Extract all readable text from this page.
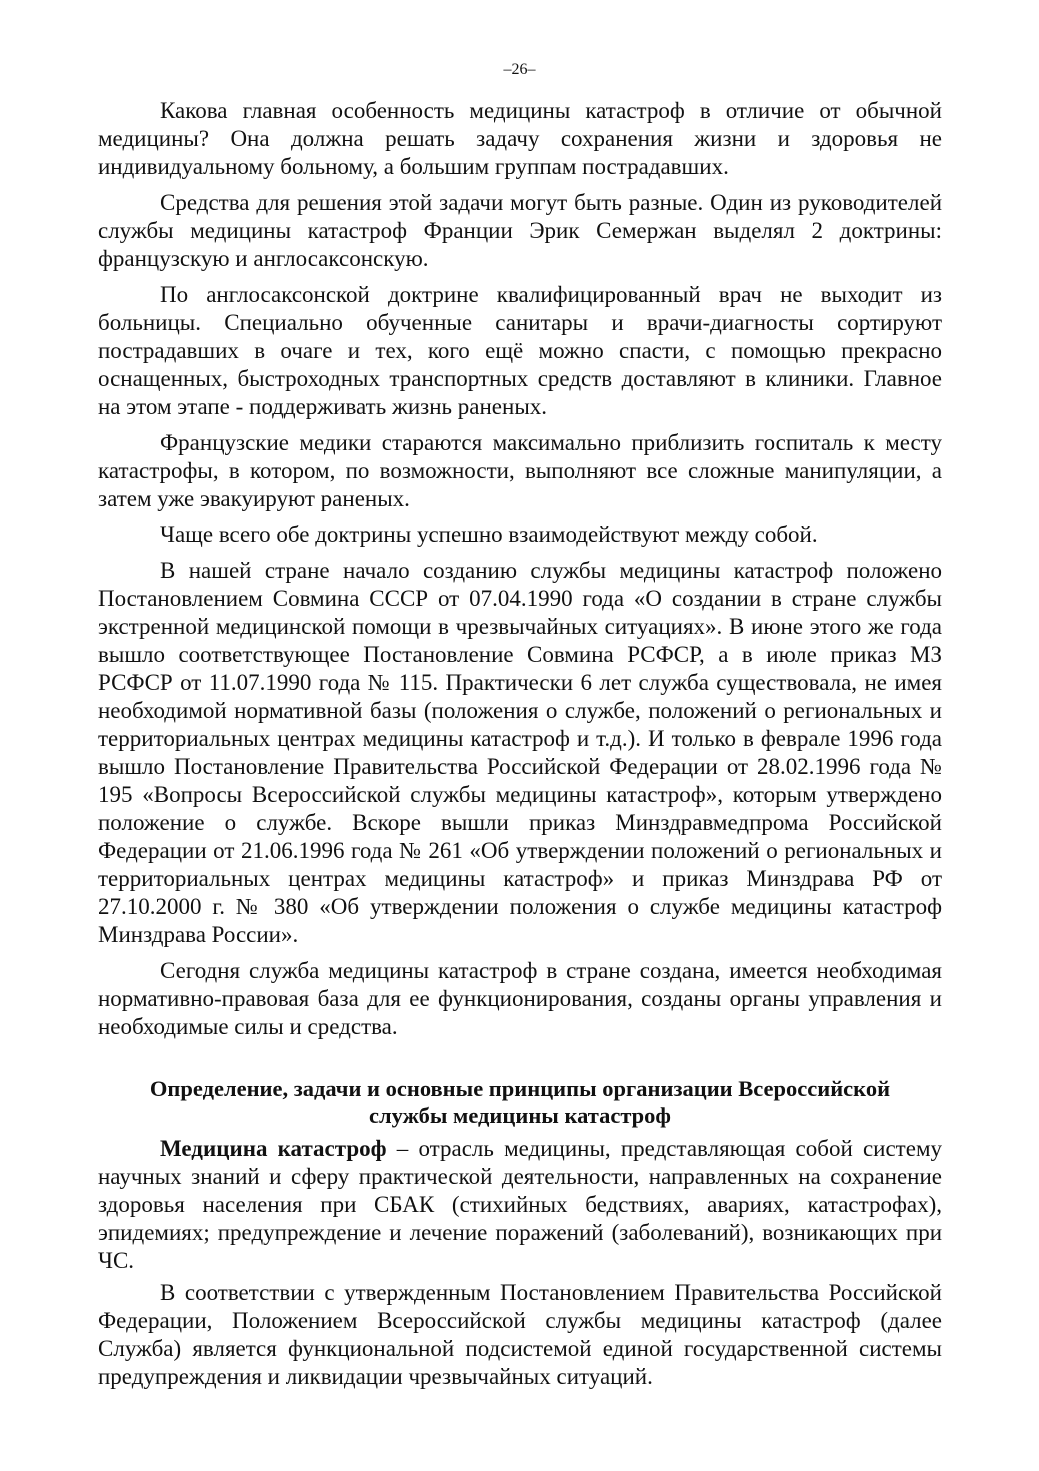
–26–

Какова главная особенность медицины катастроф в отличие от обычной медицины? Она должна решать задачу сохранения жизни и здоровья не индивидуальному больному, а большим группам пострадавших.

Средства для решения этой задачи могут быть разные. Один из руководителей службы медицины катастроф Франции Эрик Семержан выделял 2 доктрины: французскую и англосаксонскую.

По англосаксонской доктрине квалифицированный врач не выходит из больницы. Специально обученные санитары и врачи-диагносты сортируют пострадавших в очаге и тех, кого ещё можно спасти, с помощью прекрасно оснащенных, быстроходных транспортных средств доставляют в клиники. Главное на этом этапе - поддерживать жизнь раненых.

Французские медики стараются максимально приблизить госпиталь к месту катастрофы, в котором, по возможности, выполняют все сложные манипуляции, а затем уже эвакуируют раненых.

Чаще всего обе доктрины успешно взаимодействуют между собой.

В нашей стране начало созданию службы медицины катастроф положено Постановлением Совмина СССР от 07.04.1990 года «О создании в стране службы экстренной медицинской помощи в чрезвычайных ситуациях». В июне этого же года вышло соответствующее Постановление Совмина РСФСР, а в июле приказ МЗ РСФСР от 11.07.1990 года № 115. Практически 6 лет служба существовала, не имея необходимой нормативной базы (положения о службе, положений о региональных и территориальных центрах медицины катастроф и т.д.). И только в феврале 1996 года вышло Постановление Правительства Российской Федерации от 28.02.1996 года № 195 «Вопросы Всероссийской службы медицины катастроф», которым утверждено положение о службе. Вскоре вышли приказ Минздравмедпрома Российской Федерации от 21.06.1996 года № 261 «Об утверждении положений о региональных и территориальных центрах медицины катастроф» и приказ Минздрава РФ от 27.10.2000 г. № 380 «Об утверждении положения о службе медицины катастроф Минздрава России».

Сегодня служба медицины катастроф в стране создана, имеется необходимая нормативно-правовая база для ее функционирования, созданы органы управления и необходимые силы и средства.

Определение, задачи и основные принципы организации Всероссийской
службы медицины катастроф

Медицина катастроф – отрасль медицины, представляющая собой систему научных знаний и сферу практической деятельности, направленных на сохранение здоровья населения при СБАК (стихийных бедствиях, авариях, катастрофах), эпидемиях; предупреждение и лечение поражений (заболеваний), возникающих при ЧС.

В соответствии с утвержденным Постановлением Правительства Российской Федерации, Положением Всероссийской службы медицины катастроф (далее Служба) является функциональной подсистемой единой государственной системы предупреждения и ликвидации чрезвычайных ситуаций.
